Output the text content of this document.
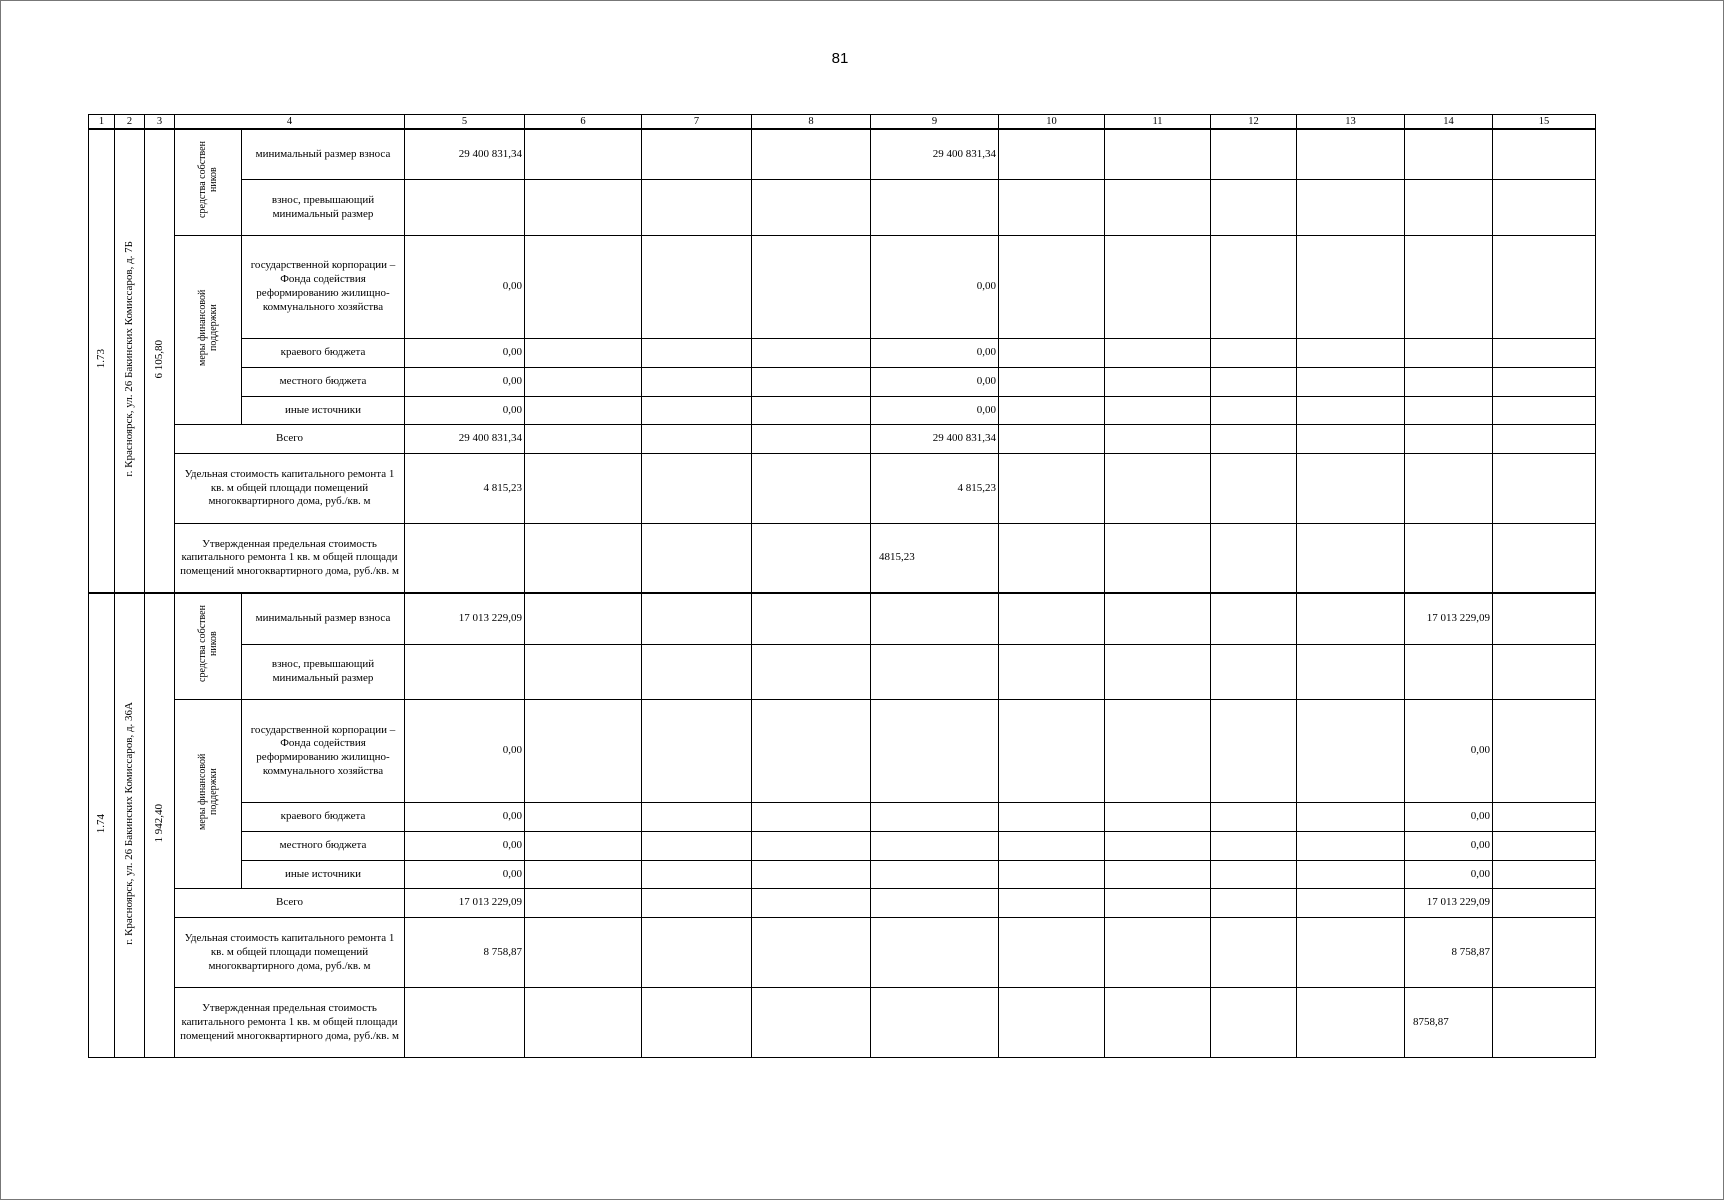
81
1	2	3	4		5	6	7	8	9	10	11	12	13	14	15
1.73	г. Красноярск, ул. 26 Бакинских Комиссаров, д. 7Б	6 105,80	средства собствен ников	минимальный размер взноса	29 400 831,34				29 400 831,34						
				взнос, превышающий минимальный размер											
			меры финансовой поддержки	государственной корпорации – Фонда содействия реформированию жилищно-коммунального хозяйства	0,00				0,00						
				краевого бюджета	0,00				0,00						
				местного бюджета	0,00				0,00						
				иные источники	0,00				0,00						
			Всего		29 400 831,34				29 400 831,34						
			Удельная стоимость капитального ремонта 1 кв. м общей площади помещений многоквартирного дома, руб./кв. м		4 815,23				4 815,23						
			Утвержденная предельная стоимость капитального ремонта 1 кв. м общей площади помещений многоквартирного дома, руб./кв. м						4815,23						
1.74	г. Красноярск, ул. 26 Бакинских Комиссаров, д. 36А	1 942,40	средства собствен ников	минимальный размер взноса	17 013 229,09									17 013 229,09	
				взнос, превышающий минимальный размер											
			меры финансовой поддержки	государственной корпорации – Фонда содействия реформированию жилищно-коммунального хозяйства	0,00									0,00	
				краевого бюджета	0,00									0,00	
				местного бюджета	0,00									0,00	
				иные источники	0,00									0,00	
			Всего		17 013 229,09									17 013 229,09	
			Удельная стоимость капитального ремонта 1 кв. м общей площади помещений многоквартирного дома, руб./кв. м		8 758,87									8 758,87	
			Утвержденная предельная стоимость капитального ремонта 1 кв. м общей площади помещений многоквартирного дома, руб./кв. м											8758,87	
